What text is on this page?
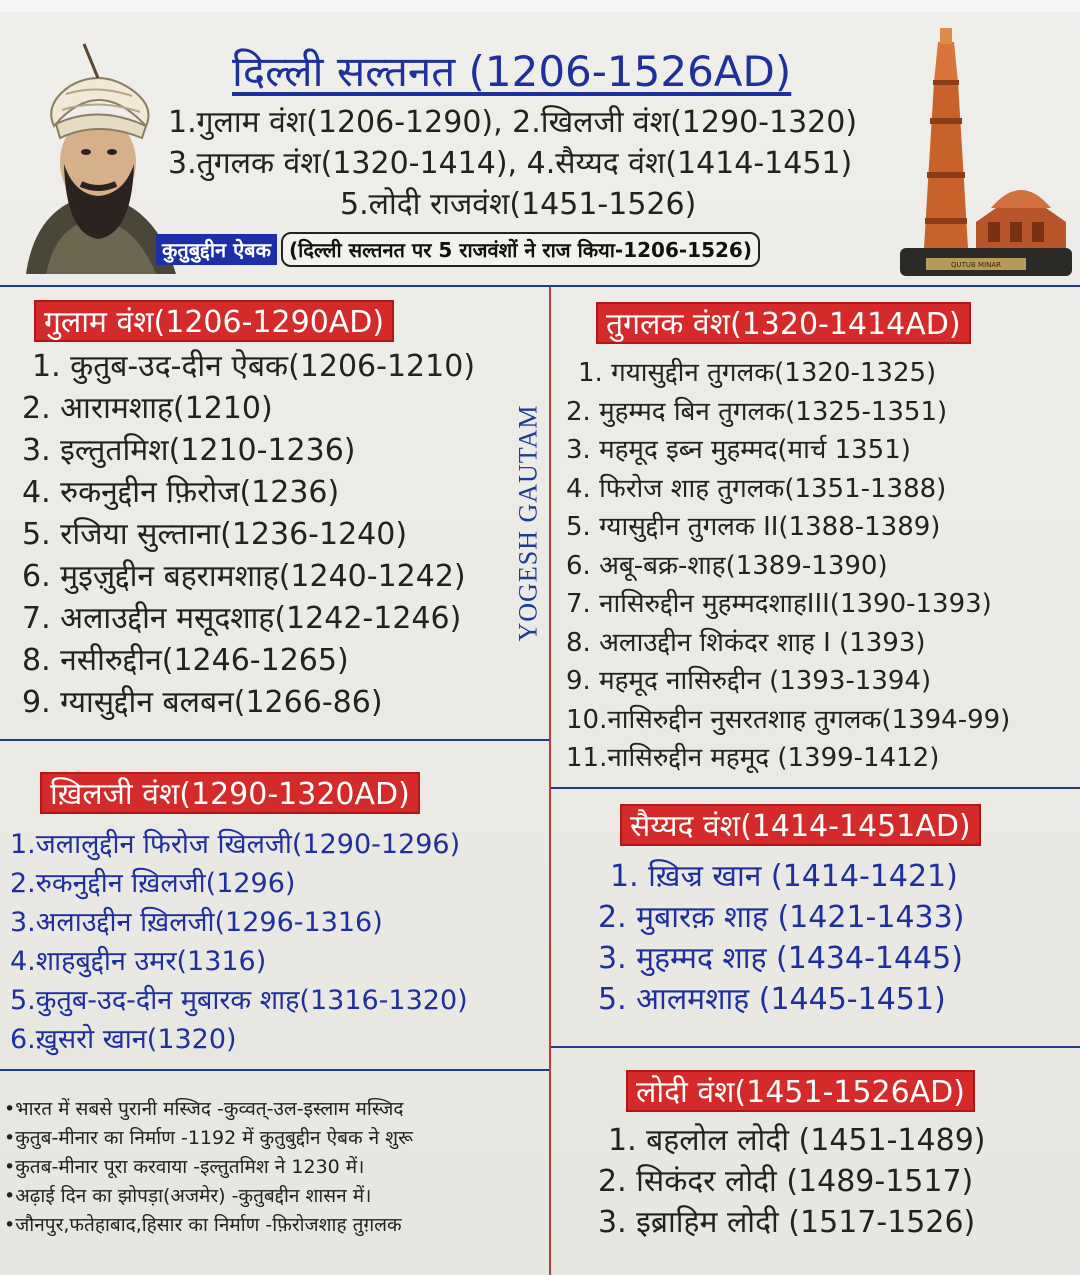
दिल्ली सल्तनत (1206-1526AD)
1.गुलाम वंश(1206-1290), 2.खिलजी वंश(1290-1320)
3.तुगलक वंश(1320-1414), 4.सैय्यद वंश(1414-1451)
5.लोदी राजवंश(1451-1526)
कुतुबुद्दीन ऐबक (दिल्ली सल्तनत पर 5 राजवंशों ने राज किया-1206-1526)
QUTUB MINAR
गुलाम वंश(1206-1290AD)
1. कुतुब-उद-दीन ऐबक(1206-1210)
2. आरामशाह(1210)
3. इल्तुतमिश(1210-1236)
4. रुकनुद्दीन फ़िरोज(1236)
5. रजिया सुल्ताना(1236-1240)
6. मुइज़ुद्दीन बहरामशाह(1240-1242)
7. अलाउद्दीन मसूदशाह(1242-1246)
8. नसीरुद्दीन(1246-1265)
9. ग्यासुद्दीन बलबन(1266-86)
YOGESH GAUTAM
तुगलक वंश(1320-1414AD)
1. गयासुद्दीन तुगलक(1320-1325)
2. मुहम्मद बिन तुगलक(1325-1351)
3. महमूद इब्न मुहम्मद(मार्च 1351)
4. फिरोज शाह तुगलक(1351-1388)
5. ग्यासुद्दीन तुगलक II(1388-1389)
6. अबू-बक्र-शाह(1389-1390)
7. नासिरुद्दीन मुहम्मदशाहIII(1390-1393)
8. अलाउद्दीन शिकंदर शाह I (1393)
9. महमूद नासिरुद्दीन (1393-1394)
10.नासिरुद्दीन नुसरतशाह तुगलक(1394-99)
11.नासिरुद्दीन महमूद (1399-1412)
ख़िलजी वंश(1290-1320AD)
1.जलालुद्दीन फिरोज खिलजी(1290-1296)
2.रुकनुद्दीन ख़िलजी(1296)
3.अलाउद्दीन ख़िलजी(1296-1316)
4.शाहबुद्दीन उमर(1316)
5.कुतुब-उद-दीन मुबारक शाह(1316-1320)
6.ख़ुसरो खान(1320)
सैय्यद वंश(1414-1451AD)
1. ख़िज्र खान (1414-1421)
2. मुबारक़ शाह (1421-1433)
3. मुहम्मद शाह (1434-1445)
5. आलमशाह (1445-1451)
•भारत में सबसे पुरानी मस्जिद -कुव्वत्-उल-इस्लाम मस्जिद
•कुतुब-मीनार का निर्माण -1192 में कुतुबुद्दीन ऐबक ने शुरू
•कुतब-मीनार पूरा करवाया -इल्तुतमिश ने 1230 में।
•अढ़ाई दिन का झोपड़ा(अजमेर) -कुतुबद्दीन शासन में।
•जौनपुर,फतेहाबाद,हिसार का निर्माण -फ़िरोजशाह तुग़लक
लोदी वंश(1451-1526AD)
1. बहलोल लोदी (1451-1489)
2. सिकंदर लोदी (1489-1517)
3. इब्राहिम लोदी (1517-1526)
